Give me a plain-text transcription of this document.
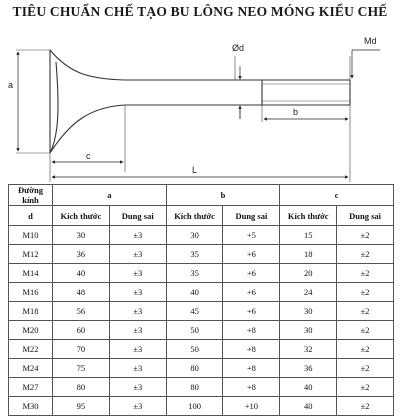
TIÊU CHUẨN CHẾ TẠO BU LÔNG NEO MÓNG KIỂU CHẾ
a
c
L
b
Ød
Md
Đường kính	a		b		c	
d	Kích thước	Dung sai	Kích thước	Dung sai	Kích thước	Dung sai
M10	30	±3	30	+5	15	±2
M12	36	±3	35	+6	18	±2
M14	40	±3	35	+6	20	±2
M16	48	±3	40	+6	24	±2
M18	56	±3	45	+6	30	±2
M20	60	±3	50	+8	30	±2
M22	70	±3	50	+8	32	±2
M24	75	±3	80	+8	36	±2
M27	80	±3	80	+8	40	±2
M30	95	±3	100	+10	40	±2
